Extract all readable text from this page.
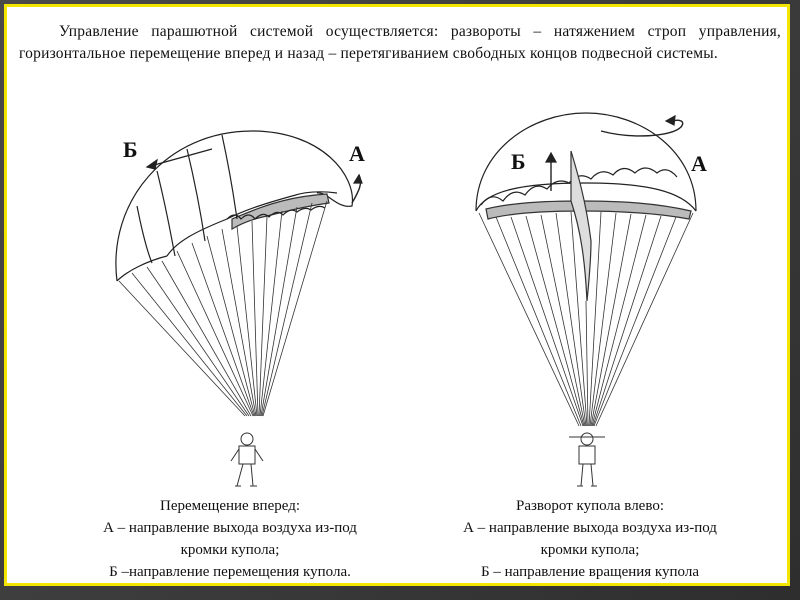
Управление парашютной системой осуществляется: развороты – натяжением строп управления, горизонтальное перемещение вперед и назад – перетягиванием свободных концов подвесной системы.
Б	А	Б	А
Перемещение вперед:
А – направление выхода воздуха из-под
кромки купола;
Б –направление перемещения купола.
Разворот купола влево:
А – направление выхода воздуха из-под
кромки купола;
Б – направление вращения купола
